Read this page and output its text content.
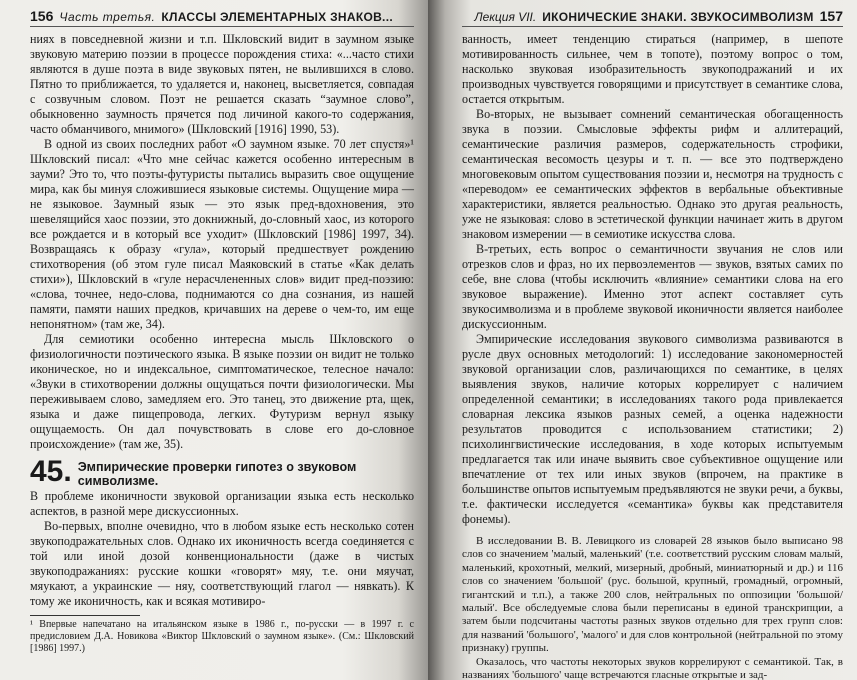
156 Часть третья. КЛАССЫ ЭЛЕМЕНТАРНЫХ ЗНАКОВ...

ниях в повседневной жизни и т.п. Шкловский видит в заумном языке звуковую материю поэзии в процессе порождения стиха: «...часто стихи являются в душе поэта в виде звуковых пятен, не вылившихся в слово. Пятно то приближается, то удаляется и, наконец, высветляется, совпадая с созвучным словом. Поэт не решается сказать “заумное слово”, обыкновенно заумность прячется под личиной какого-то содержания, часто обманчивого, мнимого» (Шкловский [1916] 1990, 53).

В одной из своих последних работ «О заумном языке. 70 лет спустя»¹ Шкловский писал: «Что мне сейчас кажется особенно интересным в зауми? Это то, что поэты-футуристы пытались выразить свое ощущение мира, как бы минуя сложившиеся языковые системы. Ощущение мира — не языковое. Заумный язык — это язык пред-вдохновения, это шевелящийся хаос поэзии, это докнижный, до-словный хаос, из которого все рождается и в который все уходит» (Шкловский [1986] 1997, 34). Возвращаясь к образу «гула», который предшествует рождению стихотворения (об этом гуле писал Маяковский в статье «Как делать стихи»), Шкловский в «гуле нерасчлененных слов» видит пред-поэзию: «слова, точнее, недо-слова, поднимаются со дна сознания, из нашей памяти, памяти наших предков, кричавших на дереве о чем-то, им еще непонятном» (там же, 34).

Для семиотики особенно интересна мысль Шкловского о физиологичности поэтического языка. В языке поэзии он видит не только иконическое, но и индексальное, симптоматическое, телесное начало: «Звуки в стихотворении должны ощущаться почти физиологически. Мы переживываем слово, замедляем его. Это танец, это движение рта, щек, языка и даже пищепровода, легких. Футуризм вернул языку ощущаемость. Он дал почувствовать в слове его до-словное происхождение» (там же, 35).

45. Эмпирические проверки гипотез о звуковом символизме.

В проблеме иконичности звуковой организации языка есть несколько аспектов, в разной мере дискуссионных.

Во-первых, вполне очевидно, что в любом языке есть несколько сотен звукоподражательных слов. Однако их иконичность всегда соединяется с той или иной дозой конвенциональности (даже в чистых звукоподражаниях: русские кошки «говорят» мяу, т.е. они мяучат, мяукают, а украинские — няу, соответствующий глагол — нявкать). К тому же иконичность, как и всякая мотивиро-

¹ Впервые напечатано на итальянском языке в 1986 г., по-русски — в 1997 г. с предисловием Д.А. Новикова «Виктор Шкловский о заумном языке». (См.: Шкловский [1986] 1997.)

Лекция VII. ИКОНИЧЕСКИЕ ЗНАКИ. ЗВУКОСИМВОЛИЗМ 157

ванность, имеет тенденцию стираться (например, в шепоте мотивированность сильнее, чем в топоте), поэтому вопрос о том, насколько звуковая изобразительность звукоподражаний и их производных чувствуется говорящими и присутствует в семантике слова, остается открытым.

Во-вторых, не вызывает сомнений семантическая обогащенность звука в поэзии. Смысловые эффекты рифм и аллитераций, семантические различия размеров, содержательность строфики, семантическая весомость цезуры и т. п. — все это подтверждено многовековым опытом существования поэзии и, несмотря на трудность с «переводом» ее семантических эффектов в вербальные объективные характеристики, является реальностью. Однако это другая реальность, уже не языковая: слово в эстетической функции начинает жить в другом знаковом измерении — в семиотике искусства слова.

В-третьих, есть вопрос о семантичности звучания не слов или отрезков слов и фраз, но их первоэлементов — звуков, взятых самих по себе, вне слова (чтобы исключить «влияние» семантики слова на его звуковое выражение). Именно этот аспект составляет суть звукосимволизма и в проблеме звуковой иконичности является наиболее дискуссионным.

Эмпирические исследования звукового символизма развиваются в русле двух основных методологий: 1) исследование закономерностей звуковой организации слов, различающихся по семантике, в целях выявления звуков, наличие которых коррелирует с наличием определенной семантики; в исследованиях такого рода привлекается словарная лексика языков разных семей, а оценка надежности результатов проводится с использованием статистики; 2) психолингвистические исследования, в ходе которых испытуемым предлагается так или иначе выявить свое субъективное ощущение или впечатление от тех или иных звуков (впрочем, на практике в большинстве опытов испытуемым предъявляются не звуки речи, а буквы, т.е. фактически исследуется «семантика» буквы как представителя фонемы).

В исследовании В. В. Левицкого из словарей 28 языков было выписано 98 слов со значением 'малый, маленький' (т.е. соответствий русским словам малый, маленький, крохотный, мелкий, мизерный, дробный, миниатюрный и др.) и 116 слов со значением 'большой' (рус. большой, крупный, громадный, огромный, гигантский и т.п.), а также 200 слов, нейтральных по оппозиции 'большой/малый'. Все обследуемые слова были переписаны в единой транскрипции, а затем были подсчитаны частоты разных звуков отдельно для трех групп слов: для названий 'большого', 'малого' и для слов контрольной (нейтральной по этому признаку) группы.

Оказалось, что частоты некоторых звуков коррелируют с семантикой. Так, в названиях 'большого' чаще встречаются гласные открытые и зад-
